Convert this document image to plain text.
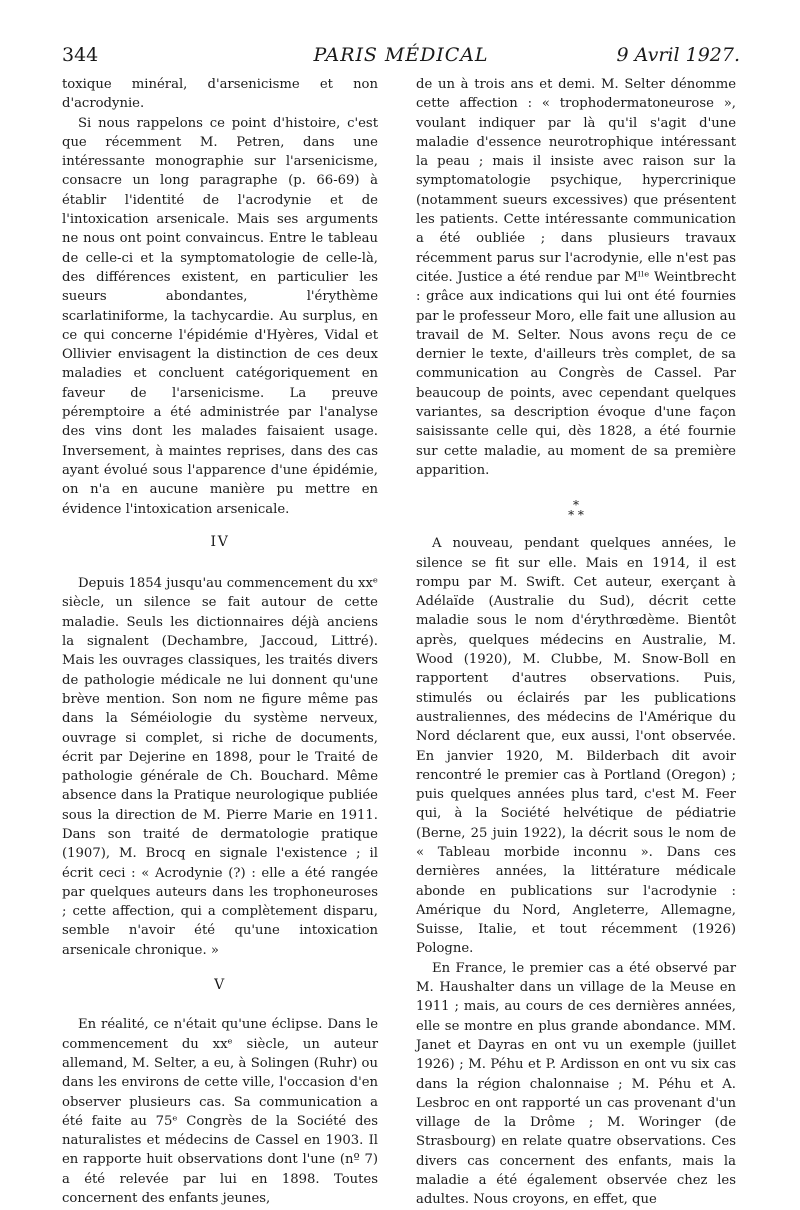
344	PARIS MÉDICAL	9 Avril 1927.

toxique minéral, d'arsenicisme et non d'acrodynie.

Si nous rappelons ce point d'histoire, c'est que récemment M. Petren, dans une intéressante monographie sur l'arsenicisme, consacre un long paragraphe (p. 66-69) à établir l'identité de l'acrodynie et de l'intoxication arsenicale. Mais ses arguments ne nous ont point convaincus. Entre le tableau de celle-ci et la symptomatologie de celle-là, des différences existent, en particulier les sueurs abondantes, l'érythème scarlatiniforme, la tachycardie. Au surplus, en ce qui concerne l'épidémie d'Hyères, Vidal et Ollivier envisagent la distinction de ces deux maladies et concluent catégoriquement en faveur de l'arsenicisme. La preuve péremptoire a été administrée par l'analyse des vins dont les malades faisaient usage. Inversement, à maintes reprises, dans des cas ayant évolué sous l'apparence d'une épidémie, on n'a en aucune manière pu mettre en évidence l'intoxication arsenicale.

IV

Depuis 1854 jusqu'au commencement du xxᵉ siècle, un silence se fait autour de cette maladie. Seuls les dictionnaires déjà anciens la signalent (Dechambre, Jaccoud, Littré). Mais les ouvrages classiques, les traités divers de pathologie médicale ne lui donnent qu'une brève mention. Son nom ne figure même pas dans la Séméiologie du système nerveux, ouvrage si complet, si riche de documents, écrit par Dejerine en 1898, pour le Traité de pathologie générale de Ch. Bouchard. Même absence dans la Pratique neurologique publiée sous la direction de M. Pierre Marie en 1911. Dans son traité de dermatologie pratique (1907), M. Brocq en signale l'existence ; il écrit ceci : « Acrodynie (?) : elle a été rangée par quelques auteurs dans les trophoneuroses ; cette affection, qui a complètement disparu, semble n'avoir été qu'une intoxication arsenicale chronique. »

V

En réalité, ce n'était qu'une éclipse. Dans le commencement du xxᵉ siècle, un auteur allemand, M. Selter, a eu, à Solingen (Ruhr) ou dans les environs de cette ville, l'occasion d'en observer plusieurs cas. Sa communication a été faite au 75ᵉ Congrès de la Société des naturalistes et médecins de Cassel en 1903. Il en rapporte huit observations dont l'une (nº 7) a été relevée par lui en 1898. Toutes concernent des enfants jeunes,

de un à trois ans et demi. M. Selter dénomme cette affection : « trophodermatoneurose », voulant indiquer par là qu'il s'agit d'une maladie d'essence neurotrophique intéressant la peau ; mais il insiste avec raison sur la symptomatologie psychique, hypercrinique (notamment sueurs excessives) que présentent les patients. Cette intéressante communication a été oubliée ; dans plusieurs travaux récemment parus sur l'acrodynie, elle n'est pas citée. Justice a été rendue par Mˡˡᵉ Weintbrecht : grâce aux indications qui lui ont été fournies par le professeur Moro, elle fait une allusion au travail de M. Selter. Nous avons reçu de ce dernier le texte, d'ailleurs très complet, de sa communication au Congrès de Cassel. Par beaucoup de points, avec cependant quelques variantes, sa description évoque d'une façon saisissante celle qui, dès 1828, a été fournie sur cette maladie, au moment de sa première apparition.

*
* *

A nouveau, pendant quelques années, le silence se fit sur elle. Mais en 1914, il est rompu par M. Swift. Cet auteur, exerçant à Adélaïde (Australie du Sud), décrit cette maladie sous le nom d'érythrœdème. Bientôt après, quelques médecins en Australie, M. Wood (1920), M. Clubbe, M. Snow-Boll en rapportent d'autres observations. Puis, stimulés ou éclairés par les publications australiennes, des médecins de l'Amérique du Nord déclarent que, eux aussi, l'ont observée. En janvier 1920, M. Bilderbach dit avoir rencontré le premier cas à Portland (Oregon) ; puis quelques années plus tard, c'est M. Feer qui, à la Société helvétique de pédiatrie (Berne, 25 juin 1922), la décrit sous le nom de « Tableau morbide inconnu ». Dans ces dernières années, la littérature médicale abonde en publications sur l'acrodynie : Amérique du Nord, Angleterre, Allemagne, Suisse, Italie, et tout récemment (1926) Pologne.

En France, le premier cas a été observé par M. Haushalter dans un village de la Meuse en 1911 ; mais, au cours de ces dernières années, elle se montre en plus grande abondance. MM. Janet et Dayras en ont vu un exemple (juillet 1926) ; M. Péhu et P. Ardisson en ont vu six cas dans la région chalonnaise ; M. Péhu et A. Lesbroc en ont rapporté un cas provenant d'un village de la Drôme ; M. Woringer (de Strasbourg) en relate quatre observations. Ces divers cas concernent des enfants, mais la maladie a été également observée chez les adultes. Nous croyons, en effet, que
